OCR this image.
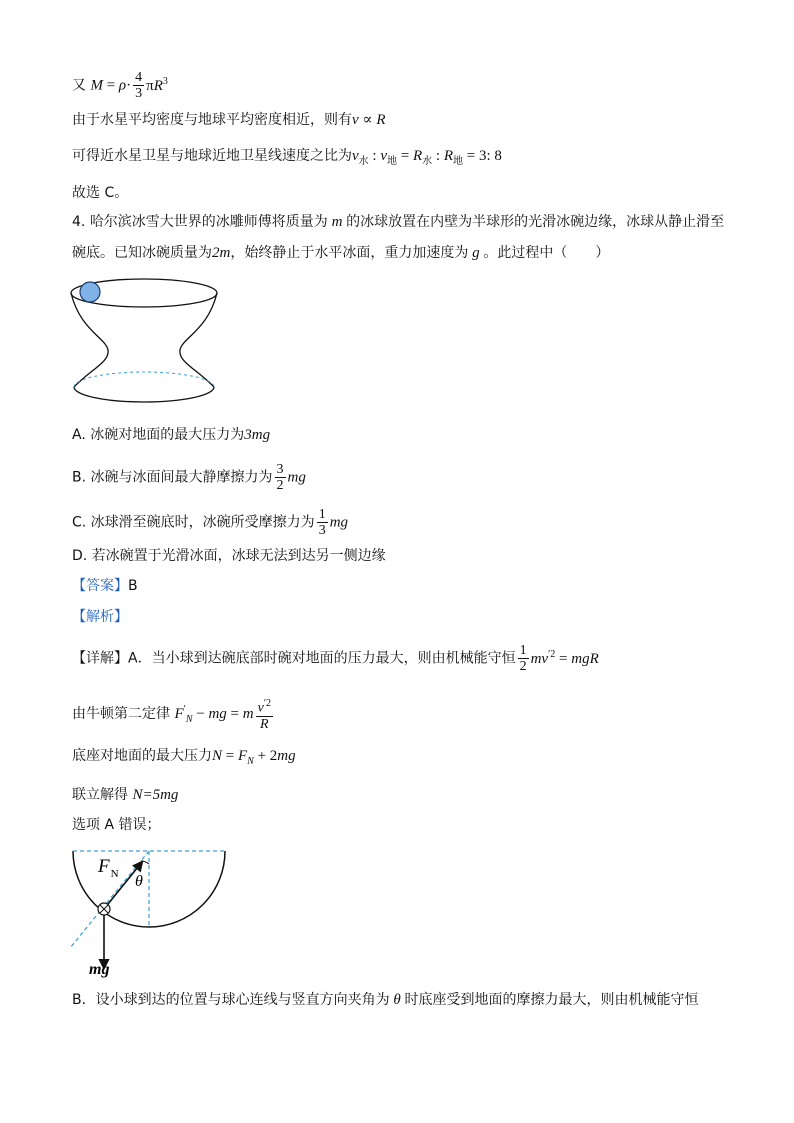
又 $M = \rho\cdot \frac{4}{3} \pi R^3$
由于水星平均密度与地球平均密度相近，则有v ∝ R
可得近水星卫星与地球近地卫星线速度之比为$v_水$ : $v_地 = R_水$ : $R_地 = 3$: 8
故选 C。
4. 哈尔滨冰雪大世界的冰雕师傅将质量为 m 的冰球放置在内壁为半球形的光滑冰碗边缘，冰球从静止滑至
碗底。已知冰碗质量为2m，始终静止于水平冰面，重力加速度为 g 。此过程中（　　）
A. 冰碗对地面的最大压力为3mg
B. 冰碗与冰面间最大静摩擦力为 $\frac{3}{2}$ mg
C. 冰球滑至碗底时，冰碗所受摩擦力为 $\frac{1}{3}$ mg
D. 若冰碗置于光滑冰面，冰球无法到达另一侧边缘
【答案】B
【解析】
【详解】A．当小球到达碗底部时碗对地面的压力最大，则由机械能守恒 $\frac{1}{2} mv^{'2}$ = mgR
由牛顿第二定律 $F'_N$ − mg = m $\frac{v^{'2}}{R}$
底座对地面的最大压力$N = F_N + 2mg$
联立解得 N=5mg
选项 A 错误；
$F_N$ θ
mg
B．设小球到达的位置与球心连线与竖直方向夹角为 θ 时底座受到地面的摩擦力最大，则由机械能守恒
